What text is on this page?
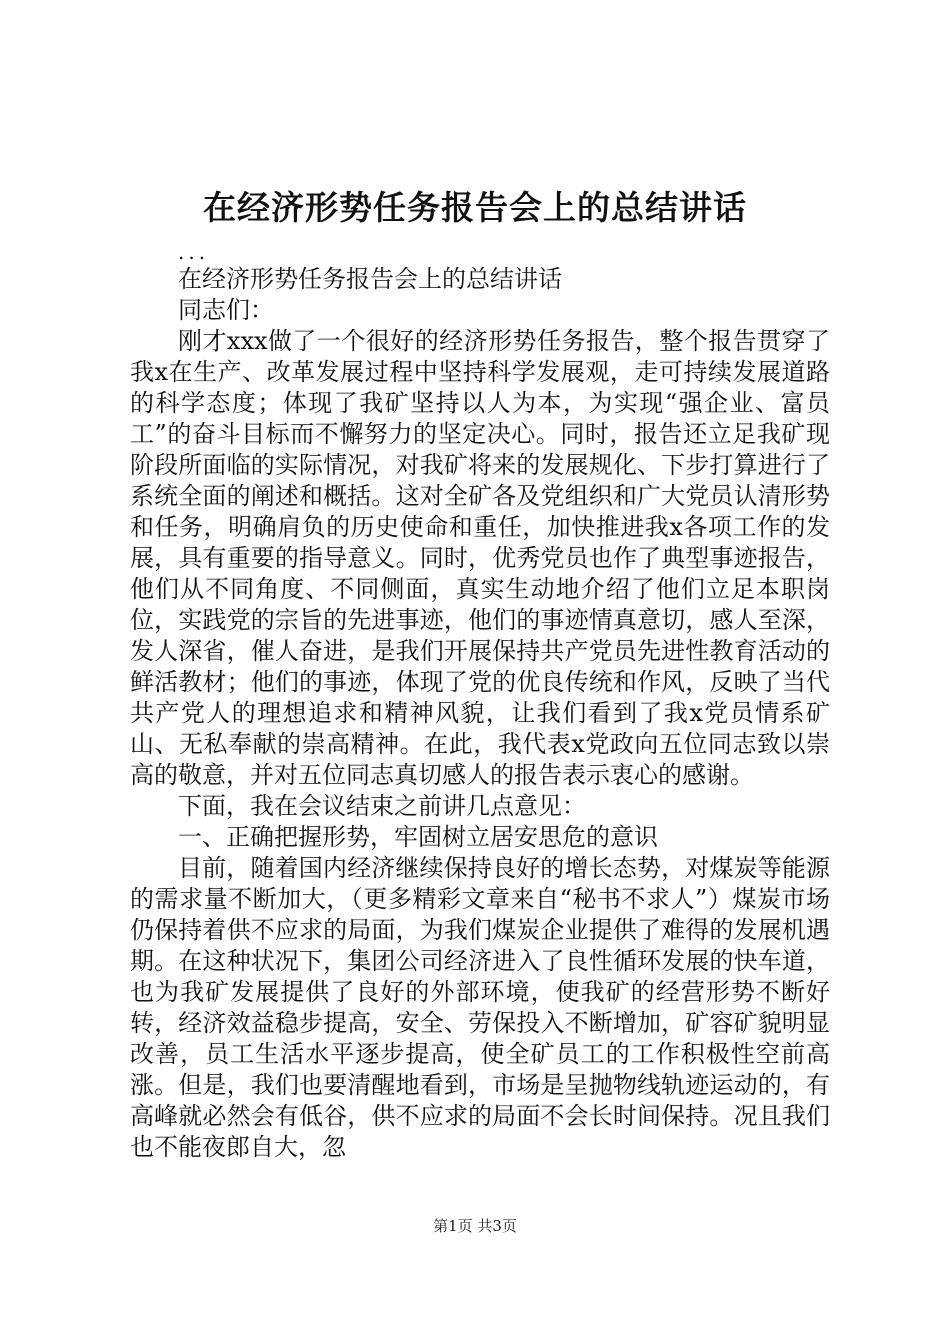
在经济形势任务报告会上的总结讲话

...

在经济形势任务报告会上的总结讲话

同志们：

刚才xxx做了一个很好的经济形势任务报告，整个报告贯穿了我x在生产、改革发展过程中坚持科学发展观，走可持续发展道路的科学态度；体现了我矿坚持以人为本，为实现“强企业、富员工”的奋斗目标而不懈努力的坚定决心。同时，报告还立足我矿现阶段所面临的实际情况，对我矿将来的发展规化、下步打算进行了系统全面的阐述和概括。这对全矿各及党组织和广大党员认清形势和任务，明确肩负的历史使命和重任，加快推进我x各项工作的发展，具有重要的指导意义。同时，优秀党员也作了典型事迹报告，他们从不同角度、不同侧面，真实生动地介绍了他们立足本职岗位，实践党的宗旨的先进事迹，他们的事迹情真意切，感人至深，发人深省，催人奋进，是我们开展保持共产党员先进性教育活动的鲜活教材；他们的事迹，体现了党的优良传统和作风，反映了当代共产党人的理想追求和精神风貌，让我们看到了我x党员情系矿山、无私奉献的崇高精神。在此，我代表x党政向五位同志致以崇高的敬意，并对五位同志真切感人的报告表示衷心的感谢。

下面，我在会议结束之前讲几点意见：

一、正确把握形势，牢固树立居安思危的意识

目前，随着国内经济继续保持良好的增长态势，对煤炭等能源的需求量不断加大，（更多精彩文章来自“秘书不求人”）煤炭市场仍保持着供不应求的局面，为我们煤炭企业提供了难得的发展机遇期。在这种状况下，集团公司经济进入了良性循环发展的快车道，也为我矿发展提供了良好的外部环境，使我矿的经营形势不断好转，经济效益稳步提高，安全、劳保投入不断增加，矿容矿貌明显改善，员工生活水平逐步提高，使全矿员工的工作积极性空前高涨。但是，我们也要清醒地看到，市场是呈抛物线轨迹运动的，有高峰就必然会有低谷，供不应求的局面不会长时间保持。况且我们也不能夜郎自大，忽

第1页 共3页
